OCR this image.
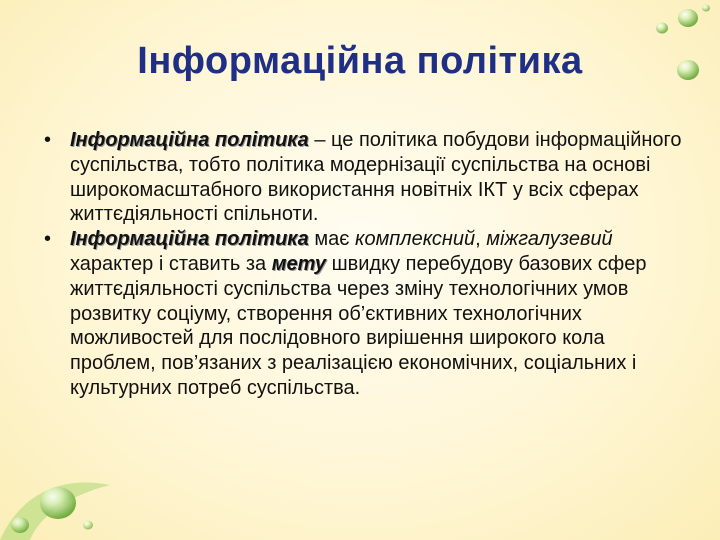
Інформаційна політика
• Інформаційна політика – це політика побудови інформаційного суспільства, тобто політика модернізації суспільства на основі широкомасштабного використання новітніх ІКТ у всіх сферах життєдіяльності спільноти.
• Інформаційна політика має комплексний, міжгалузевий характер і ставить за мету швидку перебудову базових сфер життєдіяльності суспільства через зміну технологічних умов розвитку соціуму, створення об’єктивних технологічних можливостей для послідовного вирішення широкого кола проблем, пов’язаних з реалізацією економічних, соціальних і культурних потреб суспільства.
